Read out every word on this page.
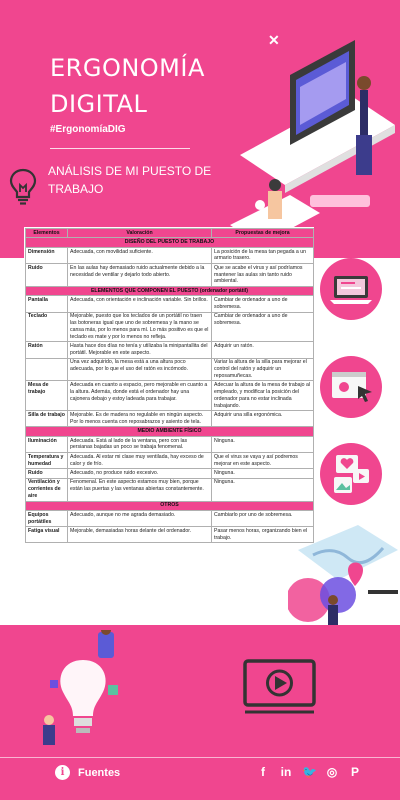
ERGONOMÍA DIGITAL
#ErgonomíaDIG
ANÁLISIS DE MI PUESTO DE TRABAJO
✕
Elementos	Valoración	Propuestas de mejora
DISEÑO DEL PUESTO DE TRABAJO		
Dimensión	Adecuada, con movilidad suficiente.	La posición de la mesa tan pegada a un armario trasero.
Ruido	En las aulas hay demasiado ruido actualmente debido a la necesidad de ventilar y dejarlo todo abierto.	Que se acabe el virus y así podríamos mantener las aulas sin tanto ruido ambiental.
ELEMENTOS QUE COMPONEN EL PUESTO (ordenador portátil)		
Pantalla	Adecuada, con orientación e inclinación variable. Sin brillos.	Cambiar de ordenador a uno de sobremesa.
Teclado	Mejorable, puesto que los teclados de un portátil no traen las botoneras igual que uno de sobremesa y la mano se cansa más, por lo menos para mí. Lo más positivo es que el teclado es mate y por lo menos no refleja.	Cambiar de ordenador a uno de sobremesa.
Ratón	Hasta hace dos días no tenía y utilizaba la minipantallita del portátil. Mejorable en este aspecto.	Adquirir un ratón.
	Una vez adquirido, la mesa está a una altura poco adecuada, por lo que el uso del ratón es incómodo.	Variar la altura de la silla para mejorar el control del ratón y adquirir un reposamuñecas.
Mesa de trabajo	Adecuada en cuanto a espacio, pero mejorable en cuanto a la altura. Además, donde está el ordenador hay una cajonera debajo y estoy ladeada para trabajar.	Adecuar la altura de la mesa de trabajo al empleado, y modificar la posición del ordenador para no estar inclinada trabajando.
Silla de trabajo	Mejorable. Es de madera no regulable en ningún aspecto. Por lo menos cuenta con reposabrazos y asiento de tela.	Adquirir una silla ergonómica.
MEDIO AMBIENTE FÍSICO		
Iluminación	Adecuada. Está al lado de la ventana, pero con las persianas bajadas un poco se trabaja fenomenal.	Ninguna.
Temperatura y humedad	Adecuada. Al estar mi clase muy ventilada, hay exceso de calor y de frío.	Que el virus se vaya y así podremos mejorar en este aspecto.
Ruido	Adecuado, no produce ruido excesivo.	Ninguna.
Ventilación y corrientes de aire	Fenomenal. En este aspecto estamos muy bien, porque están las puertas y las ventanas abiertas constantemente.	Ninguna.
OTROS		
Equipos portátiles	Adecuado, aunque no me agrada demasiado.	Cambiarlo por uno de sobremesa.
Fatiga visual	Mejorable, demasiadas horas delante del ordenador.	Pasar menos horas, organizando bien el trabajo.
i	Fuentes	f	in 🐦 ◎ P
